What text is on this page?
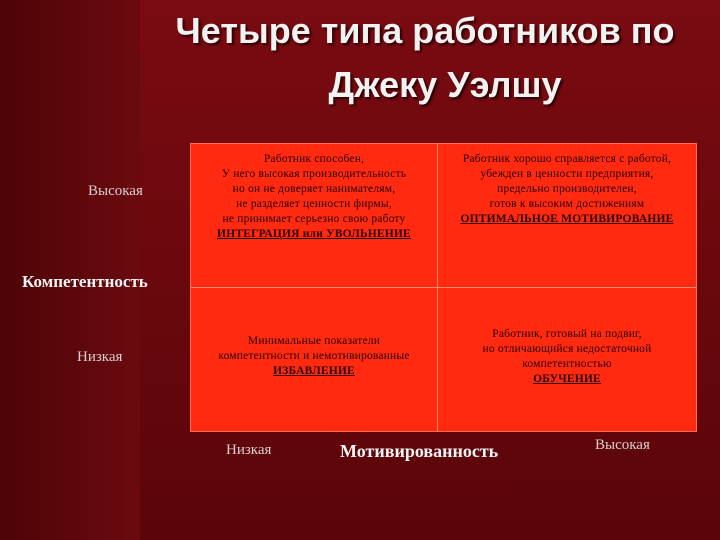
Четыре типа работников по
Джеку Уэлшу
Высокая
Компетентность
Низкая
Работник способен,
У него высокая производительность
но он не доверяет нанимателям,
не разделяет ценности фирмы,
не принимает серьезно свою работу
ИНТЕГРАЦИЯ или УВОЛЬНЕНИЕ
Работник хорошо справляется с работой,
убежден в ценности предприятия,
предельно производителен,
готов к высоким достижениям
ОПТИМАЛЬНОЕ МОТИВИРОВАНИЕ
Минимальные показатели
компетентности и немотивированные
ИЗБАВЛЕНИЕ
Работник, готовый на подвиг,
но отличающийся недостаточной
компетентностью
ОБУЧЕНИЕ
Низкая	Мотивированность	Высокая
